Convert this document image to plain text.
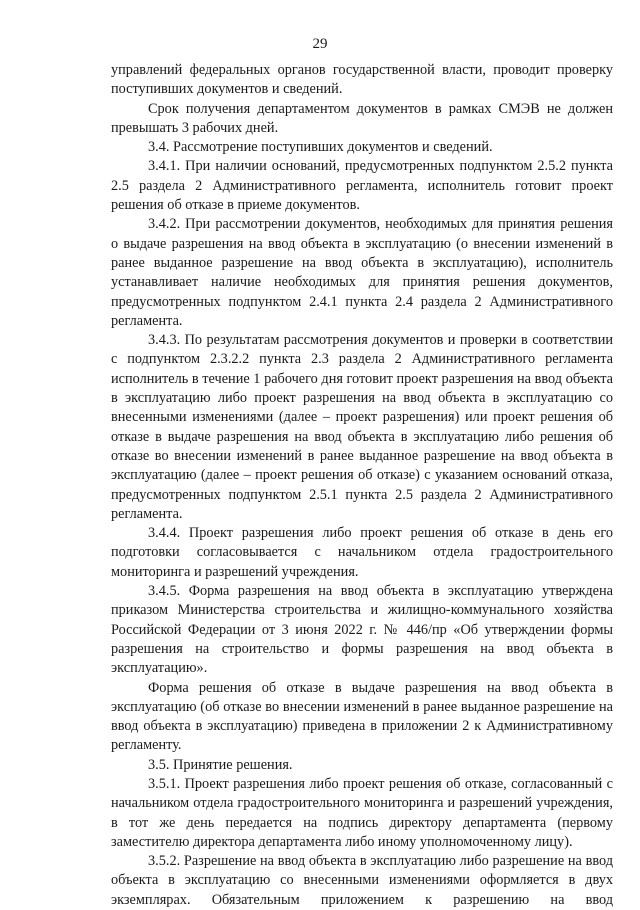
29

управлений федеральных органов государственной власти, проводит проверку поступивших документов и сведений.

Срок получения департаментом документов в рамках СМЭВ не должен превышать 3 рабочих дней.

3.4. Рассмотрение поступивших документов и сведений.

3.4.1. При наличии оснований, предусмотренных подпунктом 2.5.2 пункта 2.5 раздела 2 Административного регламента, исполнитель готовит проект решения об отказе в приеме документов.

3.4.2. При рассмотрении документов, необходимых для принятия решения о выдаче разрешения на ввод объекта в эксплуатацию (о внесении изменений в ранее выданное разрешение на ввод объекта в эксплуатацию), исполнитель устанавливает наличие необходимых для принятия решения документов, предусмотренных подпунктом 2.4.1 пункта 2.4 раздела 2 Административного регламента.

3.4.3. По результатам рассмотрения документов и проверки в соответствии с подпунктом 2.3.2.2 пункта 2.3 раздела 2 Административного регламента исполнитель в течение 1 рабочего дня готовит проект разрешения на ввод объекта в эксплуатацию либо проект разрешения на ввод объекта в эксплуатацию со внесенными изменениями (далее – проект разрешения) или проект решения об отказе в выдаче разрешения на ввод объекта в эксплуатацию либо решения об отказе во внесении изменений в ранее выданное разрешение на ввод объекта в эксплуатацию (далее – проект решения об отказе) с указанием оснований отказа, предусмотренных подпунктом 2.5.1 пункта 2.5 раздела 2 Административного регламента.

3.4.4. Проект разрешения либо проект решения об отказе в день его подготовки согласовывается с начальником отдела градостроительного мониторинга и разрешений учреждения.

3.4.5. Форма разрешения на ввод объекта в эксплуатацию утверждена приказом Министерства строительства и жилищно-коммунального хозяйства Российской Федерации от 3 июня 2022 г. № 446/пр «Об утверждении формы разрешения на строительство и формы разрешения на ввод объекта в эксплуатацию».

Форма решения об отказе в выдаче разрешения на ввод объекта в эксплуатацию (об отказе во внесении изменений в ранее выданное разрешение на ввод объекта в эксплуатацию) приведена в приложении 2 к Административному регламенту.

3.5. Принятие решения.

3.5.1. Проект разрешения либо проект решения об отказе, согласованный с начальником отдела градостроительного мониторинга и разрешений учреждения, в тот же день передается на подпись директору департамента (первому заместителю директора департамента либо иному уполномоченному лицу).

3.5.2. Разрешение на ввод объекта в эксплуатацию либо разрешение на ввод объекта в эксплуатацию со внесенными изменениями оформляется в двух экземплярах. Обязательным приложением к разрешению на ввод
